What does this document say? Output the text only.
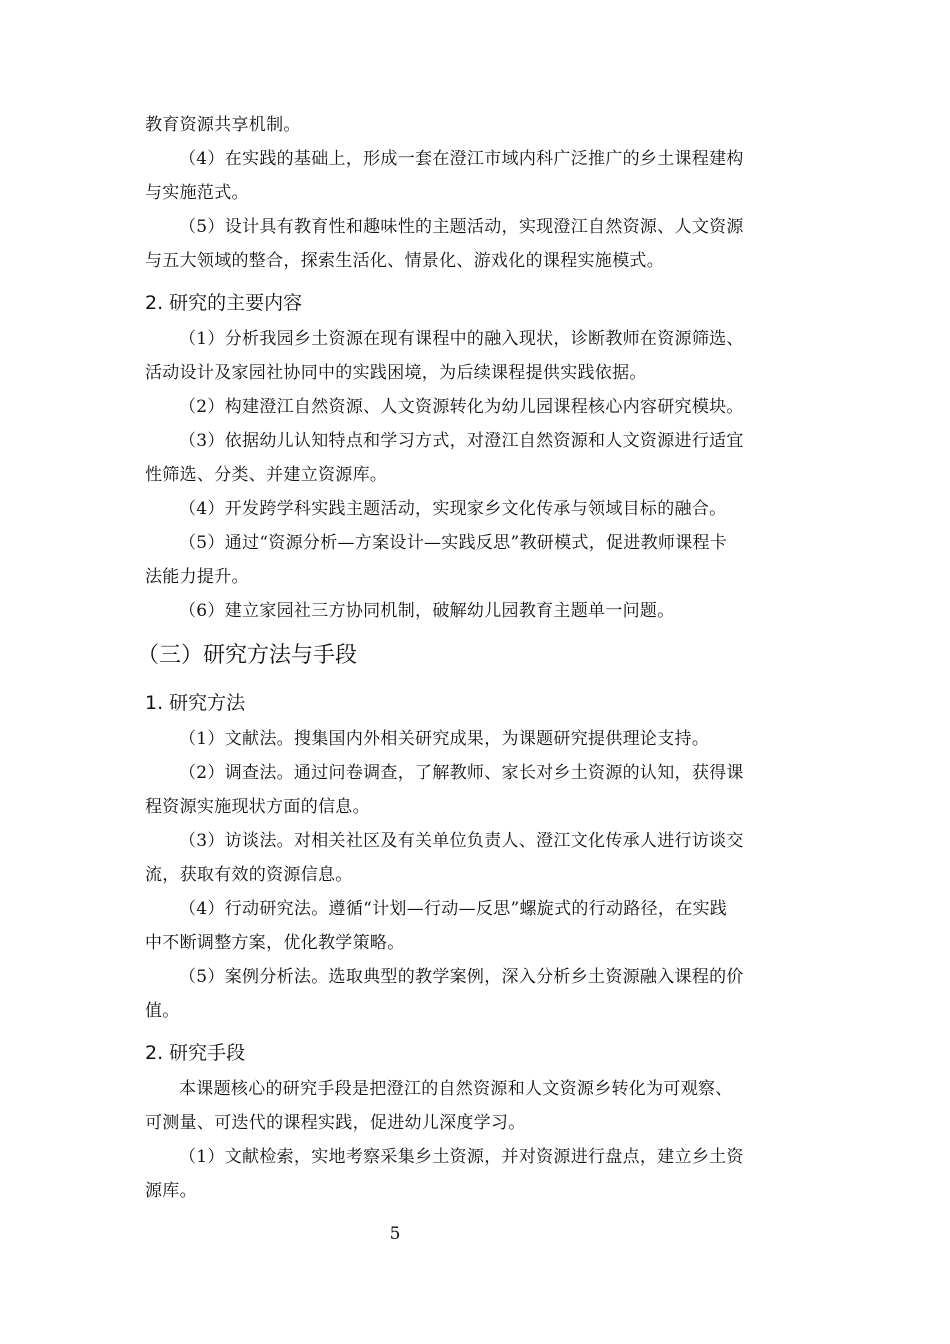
教育资源共享机制。
（4）在实践的基础上，形成一套在澄江市域内科广泛推广的乡土课程建构
与实施范式。
（5）设计具有教育性和趣味性的主题活动，实现澄江自然资源、人文资源
与五大领域的整合，探索生活化、情景化、游戏化的课程实施模式。
2. 研究的主要内容
（1）分析我园乡土资源在现有课程中的融入现状，诊断教师在资源筛选、
活动设计及家园社协同中的实践困境，为后续课程提供实践依据。
（2）构建澄江自然资源、人文资源转化为幼儿园课程核心内容研究模块。
（3）依据幼儿认知特点和学习方式，对澄江自然资源和人文资源进行适宜
性筛选、分类、并建立资源库。
（4）开发跨学科实践主题活动，实现家乡文化传承与领域目标的融合。
（5）通过“资源分析—方案设计—实践反思”教研模式，促进教师课程卡
法能力提升。
（6）建立家园社三方协同机制，破解幼儿园教育主题单一问题。
（三）研究方法与手段
1. 研究方法
（1）文献法。搜集国内外相关研究成果，为课题研究提供理论支持。
（2）调查法。通过问卷调查，了解教师、家长对乡土资源的认知，获得课
程资源实施现状方面的信息。
（3）访谈法。对相关社区及有关单位负责人、澄江文化传承人进行访谈交
流，获取有效的资源信息。
（4）行动研究法。遵循“计划—行动—反思”螺旋式的行动路径，在实践
中不断调整方案，优化教学策略。
（5）案例分析法。选取典型的教学案例，深入分析乡土资源融入课程的价
值。
2. 研究手段
本课题核心的研究手段是把澄江的自然资源和人文资源乡转化为可观察、
可测量、可迭代的课程实践，促进幼儿深度学习。
（1）文献检索，实地考察采集乡土资源，并对资源进行盘点，建立乡土资
源库。
5
